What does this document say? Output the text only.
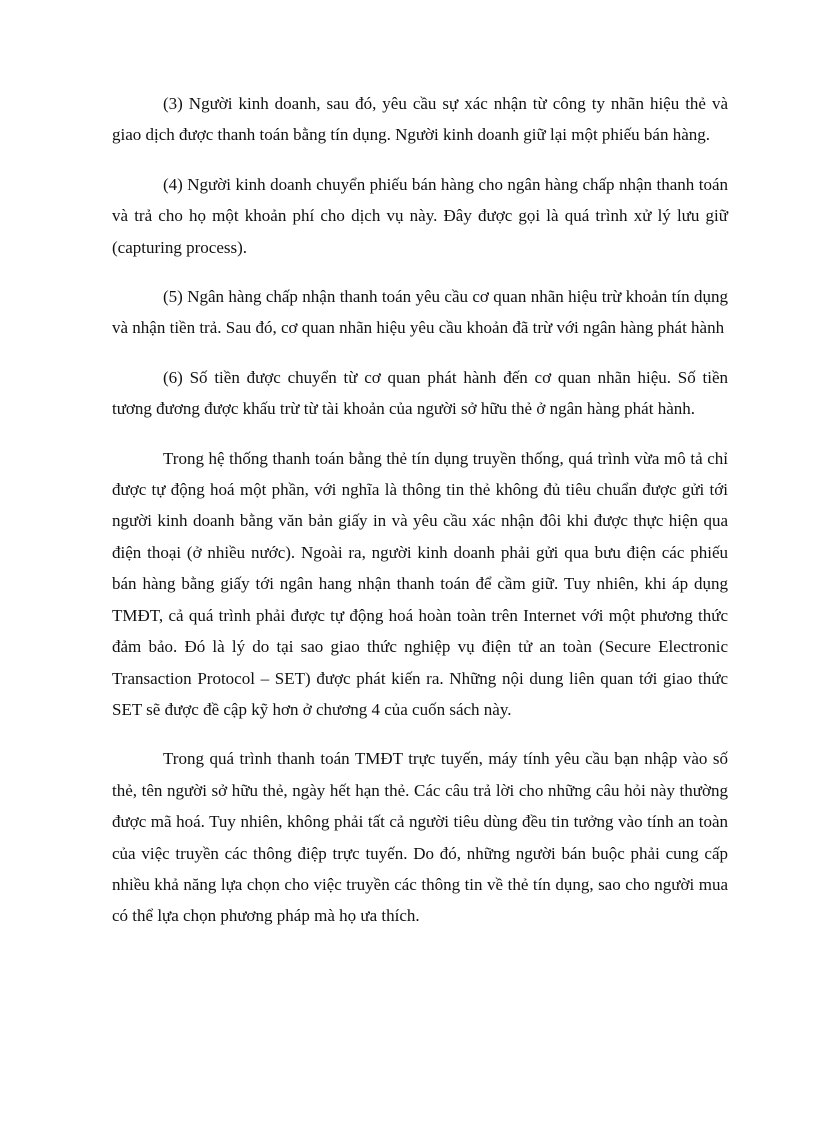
(3) Người kinh doanh, sau đó, yêu cầu sự xác nhận từ công ty nhãn hiệu thẻ và giao dịch được thanh toán bằng tín dụng. Người kinh doanh giữ lại một phiếu bán hàng.

(4) Người kinh doanh chuyển phiếu bán hàng cho ngân hàng chấp nhận thanh toán và trả cho họ một khoản phí cho dịch vụ này. Đây được gọi là quá trình xử lý lưu giữ (capturing process).

(5) Ngân hàng chấp nhận thanh toán yêu cầu cơ quan nhãn hiệu trừ khoản tín dụng và nhận tiền trả. Sau đó, cơ quan nhãn hiệu yêu cầu khoản đã trừ với ngân hàng phát hành

(6) Số tiền được chuyển từ cơ quan phát hành đến cơ quan nhãn hiệu. Số tiền tương đương được khấu trừ từ tài khoản của người sở hữu thẻ ở ngân hàng phát hành.

Trong hệ thống thanh toán bằng thẻ tín dụng truyền thống, quá trình vừa mô tả chỉ được tự động hoá một phần, với nghĩa là thông tin thẻ không đủ tiêu chuẩn được gửi tới người kinh doanh bằng văn bản giấy in và yêu cầu xác nhận đôi khi được thực hiện qua điện thoại (ở nhiều nước). Ngoài ra, người kinh doanh phải gửi qua bưu điện các phiếu bán hàng bằng giấy tới ngân hang nhận thanh toán để cầm giữ. Tuy nhiên, khi áp dụng TMĐT, cả quá trình phải được tự động hoá hoàn toàn trên Internet với một phương thức đảm bảo. Đó là lý do tại sao giao thức nghiệp vụ điện tử an toàn (Secure Electronic Transaction Protocol – SET) được phát kiến ra. Những nội dung liên quan tới giao thức SET sẽ được đề cập kỹ hơn ở chương 4 của cuốn sách này.

Trong quá trình thanh toán TMĐT trực tuyến, máy tính yêu cầu bạn nhập vào số thẻ, tên người sở hữu thẻ, ngày hết hạn thẻ. Các câu trả lời cho những câu hỏi này thường được mã hoá. Tuy nhiên, không phải tất cả người tiêu dùng đều tin tưởng vào tính an toàn của việc truyền các thông điệp trực tuyến. Do đó, những người bán buộc phải cung cấp nhiều khả năng lựa chọn cho việc truyền các thông tin về thẻ tín dụng, sao cho người mua có thể lựa chọn phương pháp mà họ ưa thích.
